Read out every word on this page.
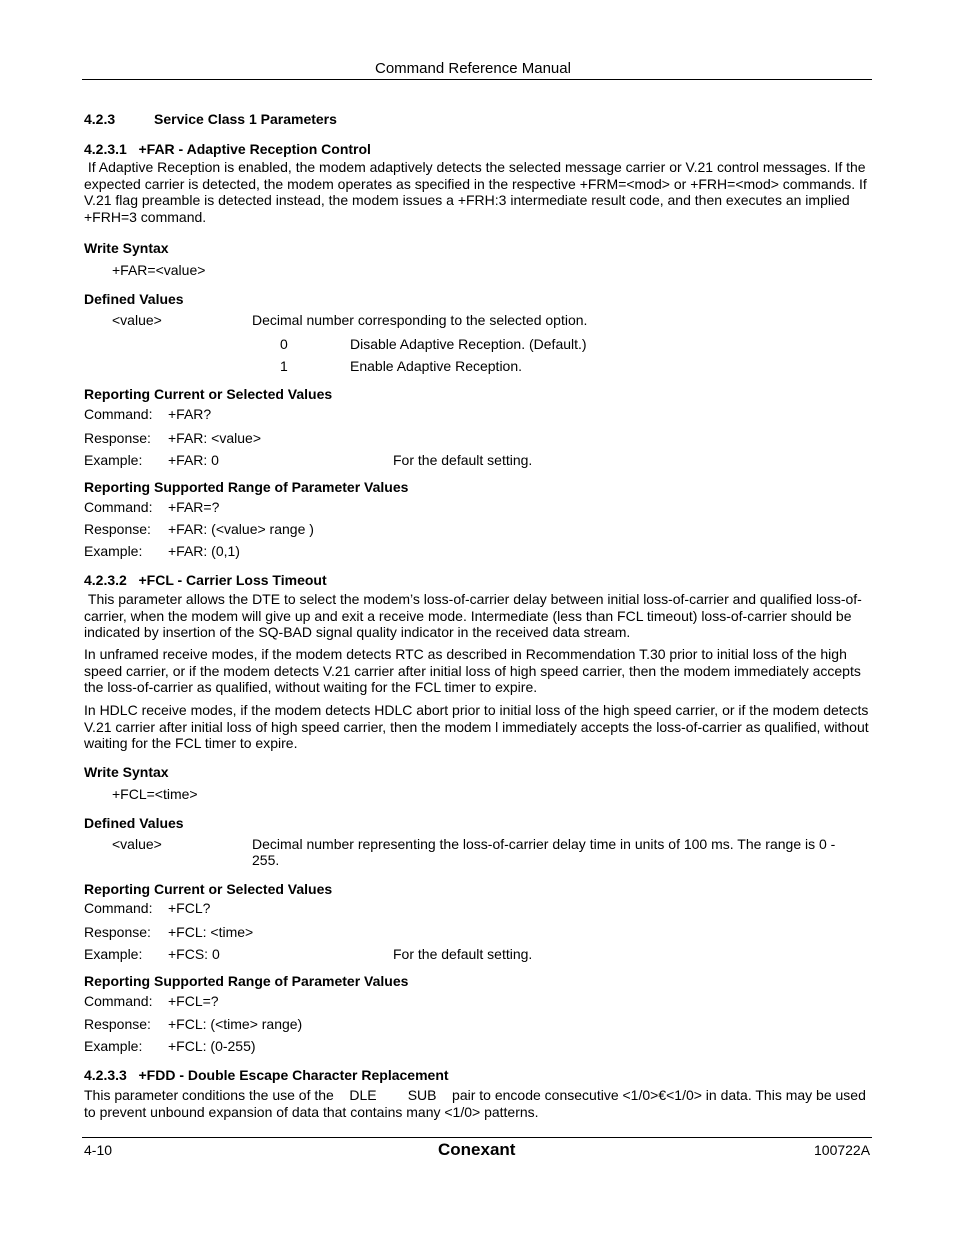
Command Reference Manual
4.2.3	Service Class 1 Parameters
4.2.3.1   +FAR - Adaptive Reception Control
If Adaptive Reception is enabled, the modem adaptively detects the selected message carrier or V.21 control messages. If the expected carrier is detected, the modem operates as specified in the respective +FRM=<mod> or +FRH=<mod> commands. If V.21 flag preamble is detected instead, the modem issues a +FRH:3 intermediate result code, and then executes an implied +FRH=3 command.
Write Syntax
+FAR=<value>
Defined Values
<value>	Decimal number corresponding to the selected option.
0	Disable Adaptive Reception. (Default.)
1	Enable Adaptive Reception.
Reporting Current or Selected Values
Command: +FAR?
Response: +FAR: <value>
Example: +FAR: 0	For the default setting.
Reporting Supported Range of Parameter Values
Command: +FAR=?
Response: +FAR: (<value> range )
Example: +FAR: (0,1)
4.2.3.2   +FCL - Carrier Loss Timeout
This parameter allows the DTE to select the modem’s loss-of-carrier delay between initial loss-of-carrier and qualified loss-of-carrier, when the modem will give up and exit a receive mode. Intermediate (less than FCL timeout) loss-of-carrier should be indicated by insertion of the SQ-BAD signal quality indicator in the received data stream.
In unframed receive modes, if the modem detects RTC as described in Recommendation T.30 prior to initial loss of the high speed carrier, or if the modem detects V.21 carrier after initial loss of high speed carrier, then the modem immediately accepts the loss-of-carrier as qualified, without waiting for the FCL timer to expire.
In HDLC receive modes, if the modem detects HDLC abort prior to initial loss of the high speed carrier, or if the modem detects V.21 carrier after initial loss of high speed carrier, then the modem l immediately accepts the loss-of-carrier as qualified, without waiting for the FCL timer to expire.
Write Syntax
+FCL=<time>
Defined Values
<value>	Decimal number representing the loss-of-carrier delay time in units of 100 ms. The range is 0 - 255.
Reporting Current or Selected Values
Command: +FCL?
Response: +FCL: <time>
Example: +FCS: 0	For the default setting.
Reporting Supported Range of Parameter Values
Command: +FCL=?
Response: +FCL: (<time> range)
Example: +FCL: (0-255)
4.2.3.3   +FDD - Double Escape Character Replacement
This parameter conditions the use of the    DLE        SUB    pair to encode consecutive <1/0>€<1/0> in data. This may be used to prevent unbound expansion of data that contains many <1/0> patterns.
4-10	Conexant	100722A
